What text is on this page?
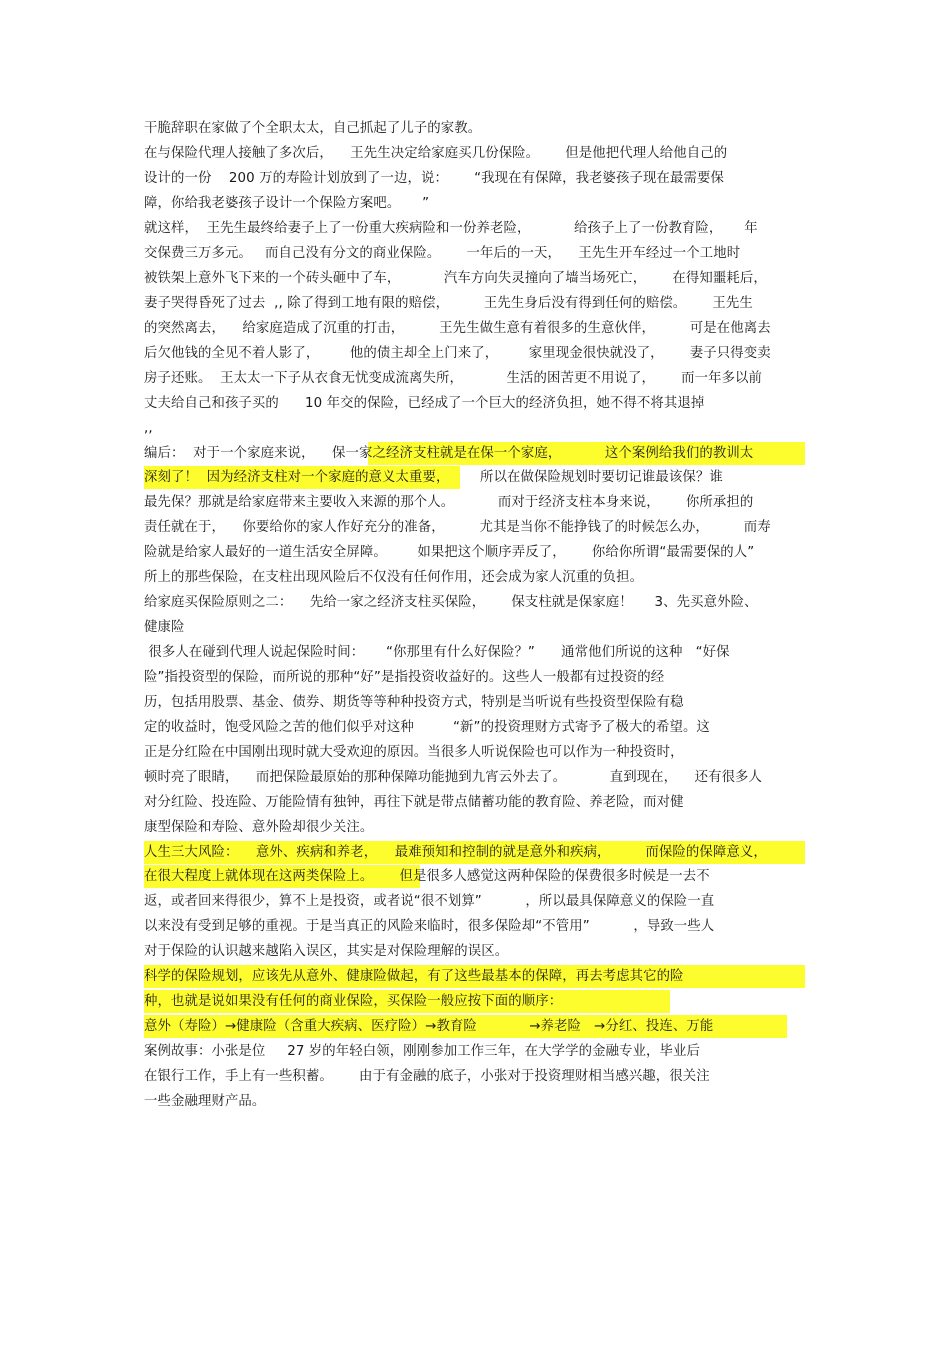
干脆辞职在家做了个全职太太，自己抓起了儿子的家教。
在与保险代理人接触了多次后，    王先生决定给家庭买几份保险。      但是他把代理人给他自己的
设计的一份    200 万的寿险计划放到了一边，说：      “我现在有保障，我老婆孩子现在最需要保
障，你给我老婆孩子设计一个保险方案吧。     ”
就这样，  王先生最终给妻子上了一份重大疾病险和一份养老险，          给孩子上了一份教育险，     年
交保费三万多元。   而自己没有分文的商业保险。      一年后的一天，    王先生开车经过一个工地时
被铁架上意外飞下来的一个砖头砸中了车，          汽车方向失灵撞向了墙当场死亡，      在得知噩耗后，
妻子哭得昏死了过去  ,, 除了得到工地有限的赔偿，        王先生身后没有得到任何的赔偿。      王先生
的突然离去，    给家庭造成了沉重的打击，        王先生做生意有着很多的生意伙伴，        可是在他离去
后欠他钱的全见不着人影了，       他的债主却全上门来了，       家里现金很快就没了，      妻子只得变卖
房子还账。  王太太一下子从衣食无忧变成流离失所，          生活的困苦更不用说了，      而一年多以前
丈夫给自己和孩子买的      10 年交的保险，已经成了一个巨大的经济负担，她不得不将其退掉
,,
编后：  对于一个家庭来说，    保一家之经济支柱就是在保一个家庭，          这个案例给我们的教训太
深刻了！  因为经济支柱对一个家庭的意义太重要，       所以在做保险规划时要切记谁最该保？谁
最先保？那就是给家庭带来主要收入来源的那个人。          而对于经济支柱本身来说，      你所承担的
责任就在于，    你要给你的家人作好充分的准备，        尤其是当你不能挣钱了的时候怎么办，        而寿
险就是给家人最好的一道生活安全屏障。       如果把这个顺序弄反了，      你给你所谓“最需要保的人”
所上的那些保险，在支柱出现风险后不仅没有任何作用，还会成为家人沉重的负担。
给家庭买保险原则之二：    先给一家之经济支柱买保险，      保支柱就是保家庭！     3、先买意外险、
健康险
很多人在碰到代理人说起保险时间：     “你那里有什么好保险？”      通常他们所说的这种   “好保
险”指投资型的保险，而所说的那种“好”是指投资收益好的。这些人一般都有过投资的经
历，包括用股票、基金、债券、期货等等种种投资方式，特别是当听说有些投资型保险有稳
定的收益时，饱受风险之苦的他们似乎对这种         “新”的投资理财方式寄予了极大的希望。这
正是分红险在中国刚出现时就大受欢迎的原因。当很多人听说保险也可以作为一种投资时，
顿时亮了眼睛，    而把保险最原始的那种保障功能抛到九宵云外去了。          直到现在，    还有很多人
对分红险、投连险、万能险情有独钟，再往下就是带点储蓄功能的教育险、养老险，而对健
康型保险和寿险、意外险却很少关注。
人生三大风险：    意外、疾病和养老，    最难预知和控制的就是意外和疾病，        而保险的保障意义，
在很大程度上就体现在这两类保险上。      但是很多人感觉这两种保险的保费很多时候是一去不
返，或者回来得很少，算不上是投资，或者说“很不划算”          ，所以最具保障意义的保险一直
以来没有受到足够的重视。于是当真正的风险来临时，很多保险却“不管用”          ，导致一些人
对于保险的认识越来越陷入误区，其实是对保险理解的误区。
科学的保险规划，应该先从意外、健康险做起，有了这些最基本的保障，再去考虑其它的险
种，也就是说如果没有任何的商业保险，买保险一般应按下面的顺序：
意外（寿险）→健康险（含重大疾病、医疗险）→教育险            →养老险   →分红、投连、万能
案例故事：小张是位     27 岁的年轻白领，刚刚参加工作三年，在大学学的金融专业，毕业后
在银行工作，手上有一些积蓄。      由于有金融的底子，小张对于投资理财相当感兴趣，很关注
一些金融理财产品。
